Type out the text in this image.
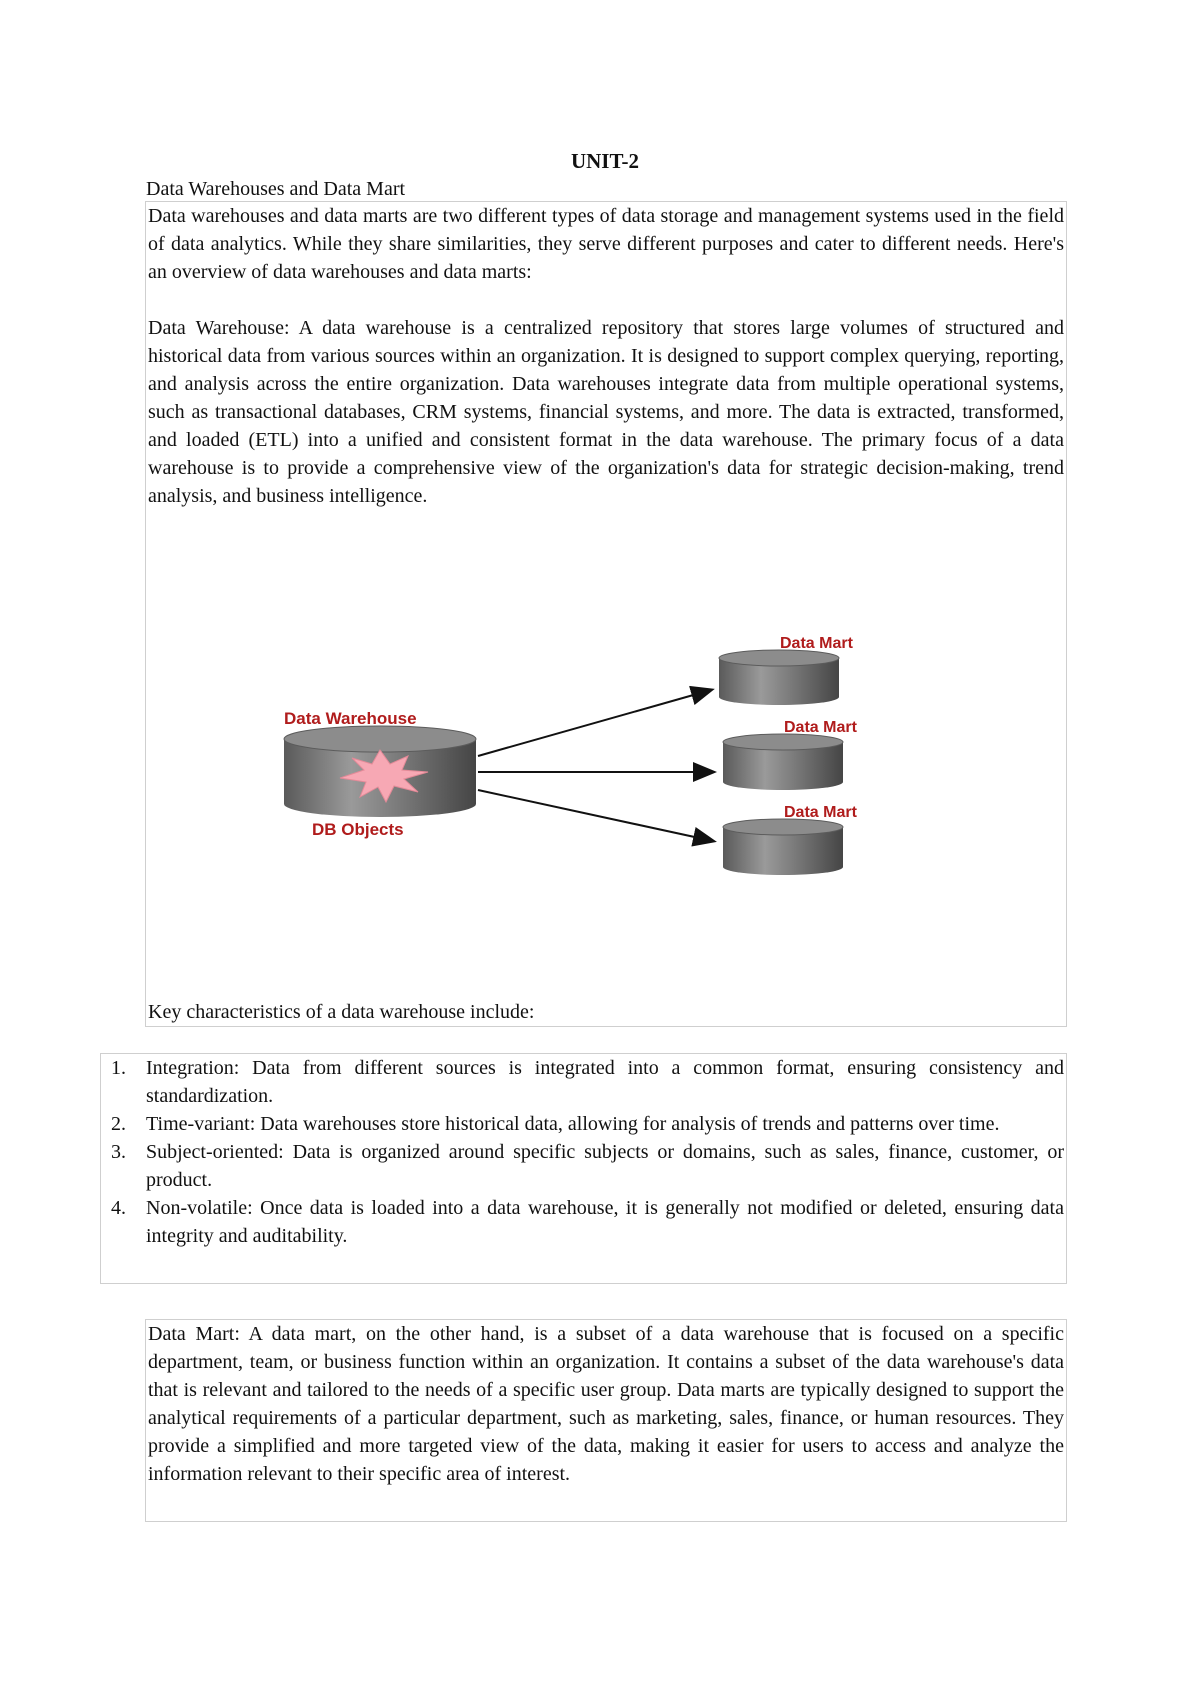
UNIT-2
Data Warehouses and Data Mart

Data warehouses and data marts are two different types of data storage and management systems used in the field of data analytics. While they share similarities, they serve different purposes and cater to different needs. Here's an overview of data warehouses and data marts:

Data Warehouse: A data warehouse is a centralized repository that stores large volumes of structured and historical data from various sources within an organization. It is designed to support complex querying, reporting, and analysis across the entire organization. Data warehouses integrate data from multiple operational systems, such as transactional databases, CRM systems, financial systems, and more. The data is extracted, transformed, and loaded (ETL) into a unified and consistent format in the data warehouse. The primary focus of a data warehouse is to provide a comprehensive view of the organization's data for strategic decision-making, trend analysis, and business intelligence.

Data Warehouse
DB Objects
Data Mart
Data Mart
Data Mart
Key characteristics of a data warehouse include:
1. Integration: Data from different sources is integrated into a common format, ensuring consistency and standardization.
2. Time-variant: Data warehouses store historical data, allowing for analysis of trends and patterns over time.
3. Subject-oriented: Data is organized around specific subjects or domains, such as sales, finance, customer, or product.
4. Non-volatile: Once data is loaded into a data warehouse, it is generally not modified or deleted, ensuring data integrity and auditability.

Data Mart: A data mart, on the other hand, is a subset of a data warehouse that is focused on a specific department, team, or business function within an organization. It contains a subset of the data warehouse's data that is relevant and tailored to the needs of a specific user group. Data marts are typically designed to support the analytical requirements of a particular department, such as marketing, sales, finance, or human resources. They provide a simplified and more targeted view of the data, making it easier for users to access and analyze the information relevant to their specific area of interest.
